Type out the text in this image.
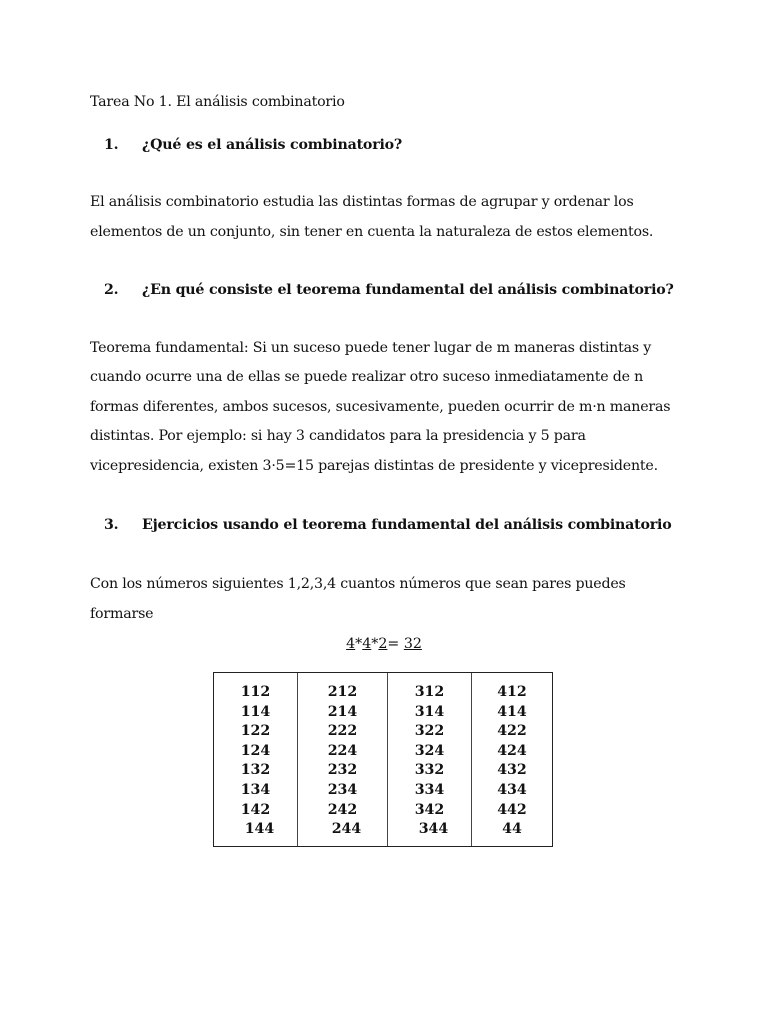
Tarea No 1. El análisis combinatorio
1. ¿Qué es el análisis combinatorio?
El análisis combinatorio estudia las distintas formas de agrupar y ordenar los
elementos de un conjunto, sin tener en cuenta la naturaleza de estos elementos.
2. ¿En qué consiste el teorema fundamental del análisis combinatorio?
Teorema fundamental: Si un suceso puede tener lugar de m maneras distintas y
cuando ocurre una de ellas se puede realizar otro suceso inmediatamente de n
formas diferentes, ambos sucesos, sucesivamente, pueden ocurrir de m·n maneras
distintas. Por ejemplo: si hay 3 candidatos para la presidencia y 5 para
vicepresidencia, existen 3·5=15 parejas distintas de presidente y vicepresidente.
3. Ejercicios usando el teorema fundamental del análisis combinatorio
Con los números siguientes 1,2,3,4 cuantos números que sean pares puedes
formarse
4*4*2= 32
112
114
122
124
132
134
142
144
212
214
222
224
232
234
242
244
312
314
322
324
332
334
342
344
412
414
422
424
432
434
442
44
